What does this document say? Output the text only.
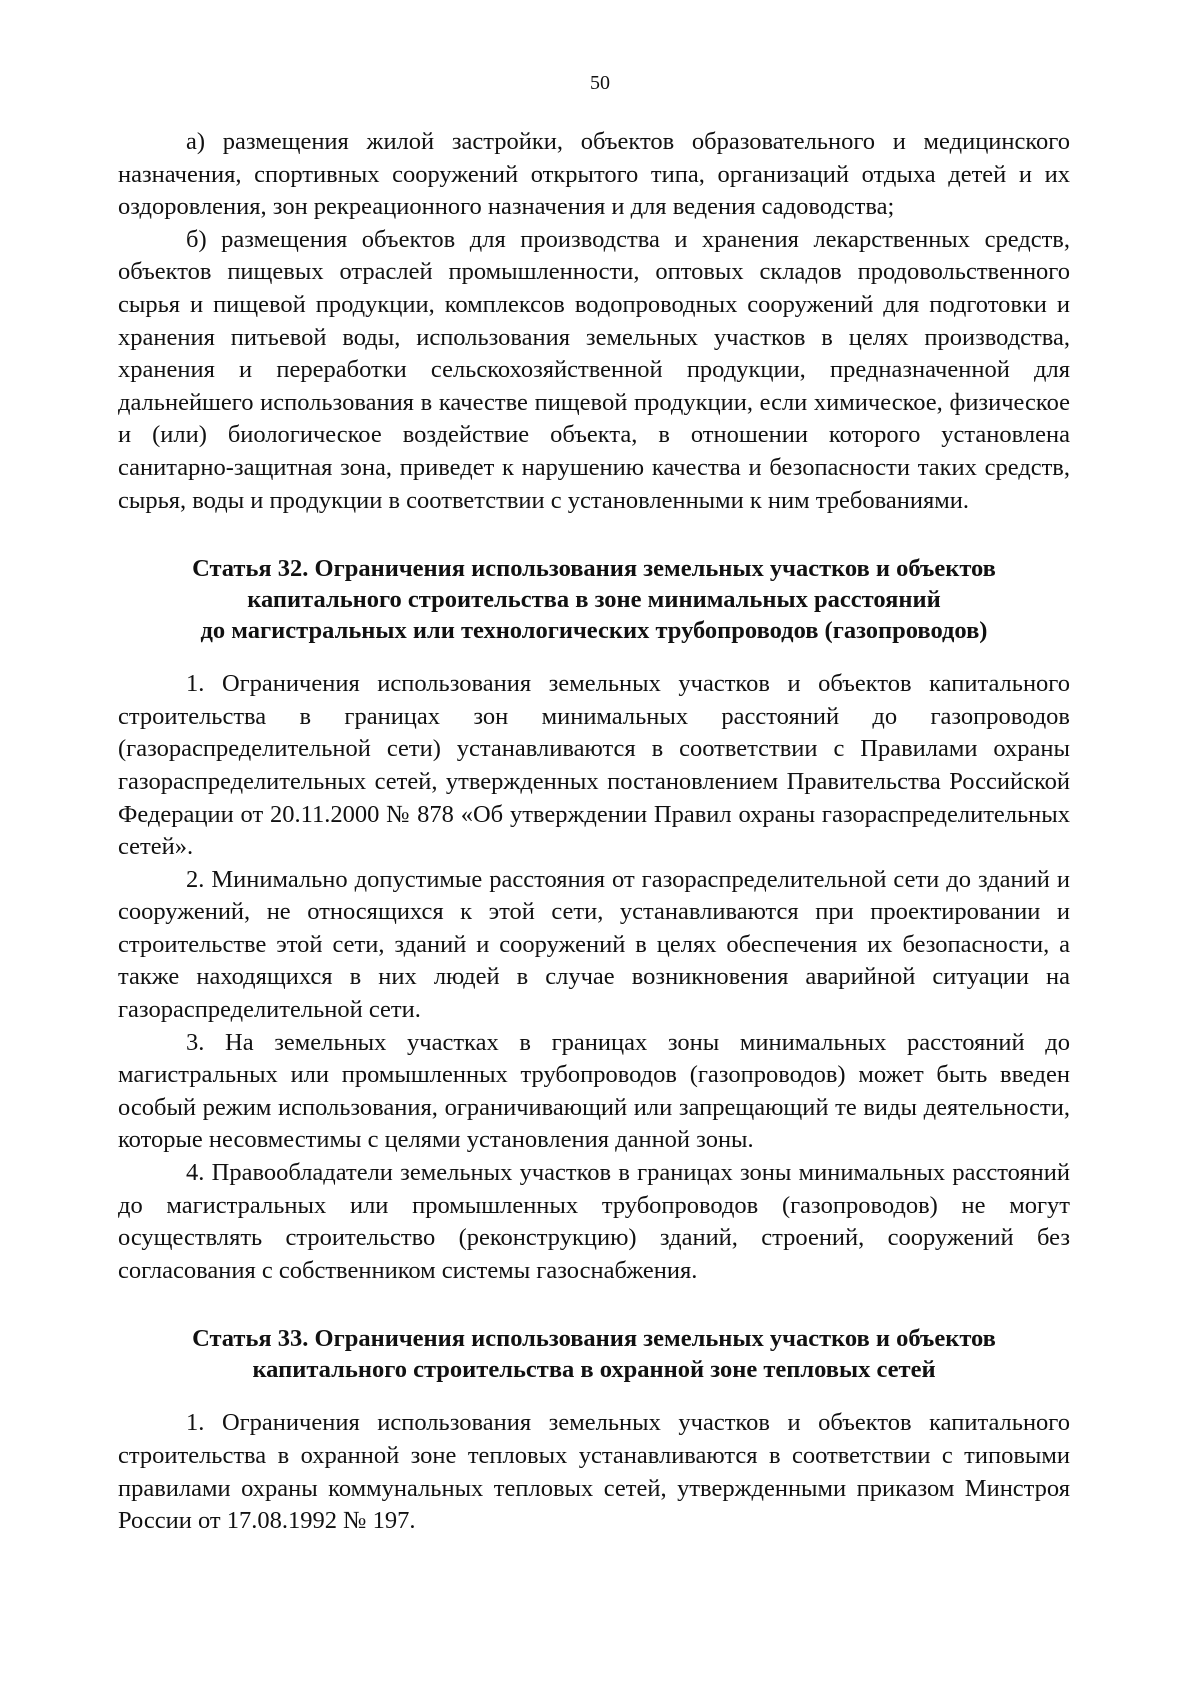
50

а) размещения жилой застройки, объектов образовательного и медицинского назначения, спортивных сооружений открытого типа, организаций отдыха детей и их оздоровления, зон рекреационного назначения и для ведения садоводства;

б) размещения объектов для производства и хранения лекарственных средств, объектов пищевых отраслей промышленности, оптовых складов продовольственного сырья и пищевой продукции, комплексов водопроводных сооружений для подготовки и хранения питьевой воды, использования земельных участков в целях производства, хранения и переработки сельскохозяйственной продукции, предназначенной для дальнейшего использования в качестве пищевой продукции, если химическое, физическое и (или) биологическое воздействие объекта, в отношении которого установлена санитарно-защитная зона, приведет к нарушению качества и безопасности таких средств, сырья, воды и продукции в соответствии с установленными к ним требованиями.

Статья 32. Ограничения использования земельных участков и объектов
капитального строительства в зоне минимальных расстояний
до магистральных или технологических трубопроводов (газопроводов)

1. Ограничения использования земельных участков и объектов капитального строительства в границах зон минимальных расстояний до газопроводов (газораспределительной сети) устанавливаются в соответствии с Правилами охраны газораспределительных сетей, утвержденных постановлением Правительства Российской Федерации от 20.11.2000 № 878 «Об утверждении Правил охраны газораспределительных сетей».

2. Минимально допустимые расстояния от газораспределительной сети до зданий и сооружений, не относящихся к этой сети, устанавливаются при проектировании и строительстве этой сети, зданий и сооружений в целях обеспечения их безопасности, а также находящихся в них людей в случае возникновения аварийной ситуации на газораспределительной сети.

3. На земельных участках в границах зоны минимальных расстояний до магистральных или промышленных трубопроводов (газопроводов) может быть введен особый режим использования, ограничивающий или запрещающий те виды деятельности, которые несовместимы с целями установления данной зоны.

4. Правообладатели земельных участков в границах зоны минимальных расстояний до магистральных или промышленных трубопроводов (газопроводов) не могут осуществлять строительство (реконструкцию) зданий, строений, сооружений без согласования с собственником системы газоснабжения.

Статья 33. Ограничения использования земельных участков и объектов
капитального строительства в охранной зоне тепловых сетей

1. Ограничения использования земельных участков и объектов капитального строительства в охранной зоне тепловых устанавливаются в соответствии с типовыми правилами охраны коммунальных тепловых сетей, утвержденными приказом Минстроя России от 17.08.1992 № 197.
